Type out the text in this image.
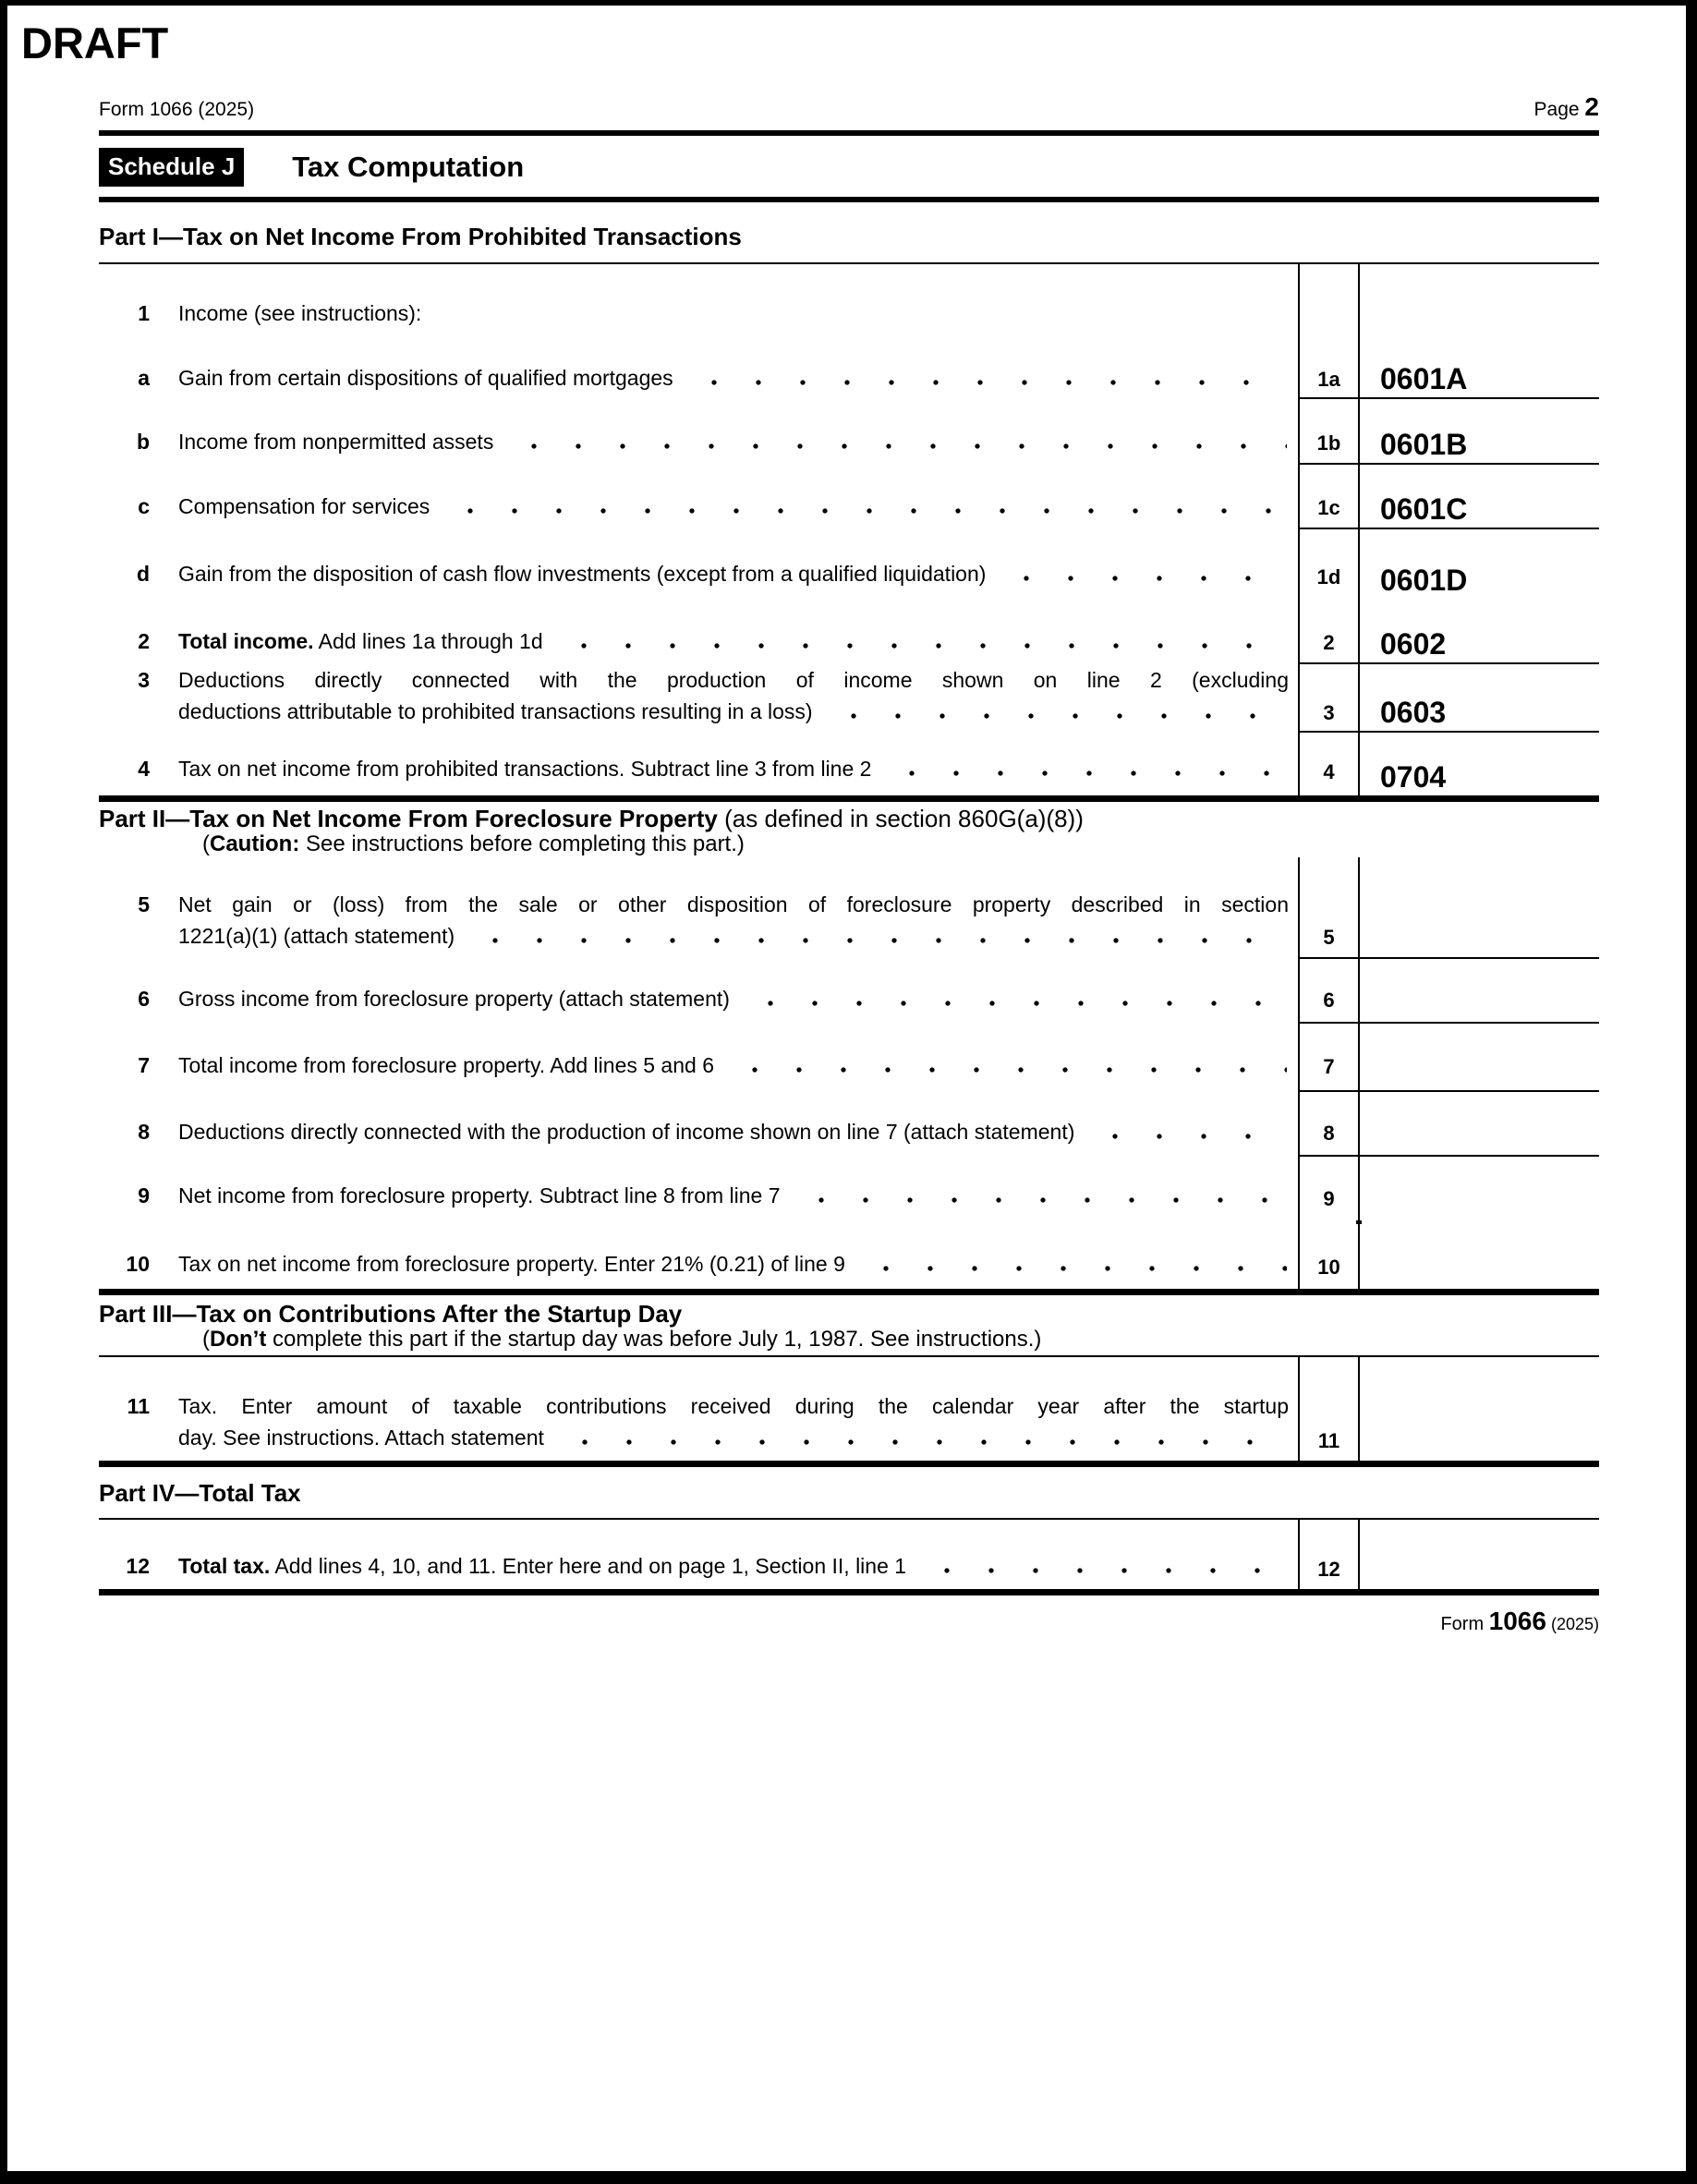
DRAFT
Form 1066 (2025)	Page 2
Schedule J	Tax Computation
Part I—Tax on Net Income From Prohibited Transactions
1 Income (see instructions):
a Gain from certain dispositions of qualified mortgages	1a	0601A
b Income from nonpermitted assets	1b	0601B
c Compensation for services	1c	0601C
d Gain from the disposition of cash flow investments (except from a qualified liquidation)	1d	0601D
2 Total income. Add lines 1a through 1d	2	0602
3 Deductions directly connected with the production of income shown on line 2 (excluding
deductions attributable to prohibited transactions resulting in a loss)	3	0603
4 Tax on net income from prohibited transactions. Subtract line 3 from line 2	4	0704
Part II—Tax on Net Income From Foreclosure Property (as defined in section 860G(a)(8))
(Caution: See instructions before completing this part.)
5 Net gain or (loss) from the sale or other disposition of foreclosure property described in section
1221(a)(1) (attach statement)	5
6 Gross income from foreclosure property (attach statement)	6
7 Total income from foreclosure property. Add lines 5 and 6	7
8 Deductions directly connected with the production of income shown on line 7 (attach statement)	8
9 Net income from foreclosure property. Subtract line 8 from line 7	9
10 Tax on net income from foreclosure property. Enter 21% (0.21) of line 9	10
Part III—Tax on Contributions After the Startup Day
(Don’t complete this part if the startup day was before July 1, 1987. See instructions.)
11 Tax. Enter amount of taxable contributions received during the calendar year after the startup
day. See instructions. Attach statement	11
Part IV—Total Tax
12 Total tax. Add lines 4, 10, and 11. Enter here and on page 1, Section II, line 1	12
Form 1066 (2025)
